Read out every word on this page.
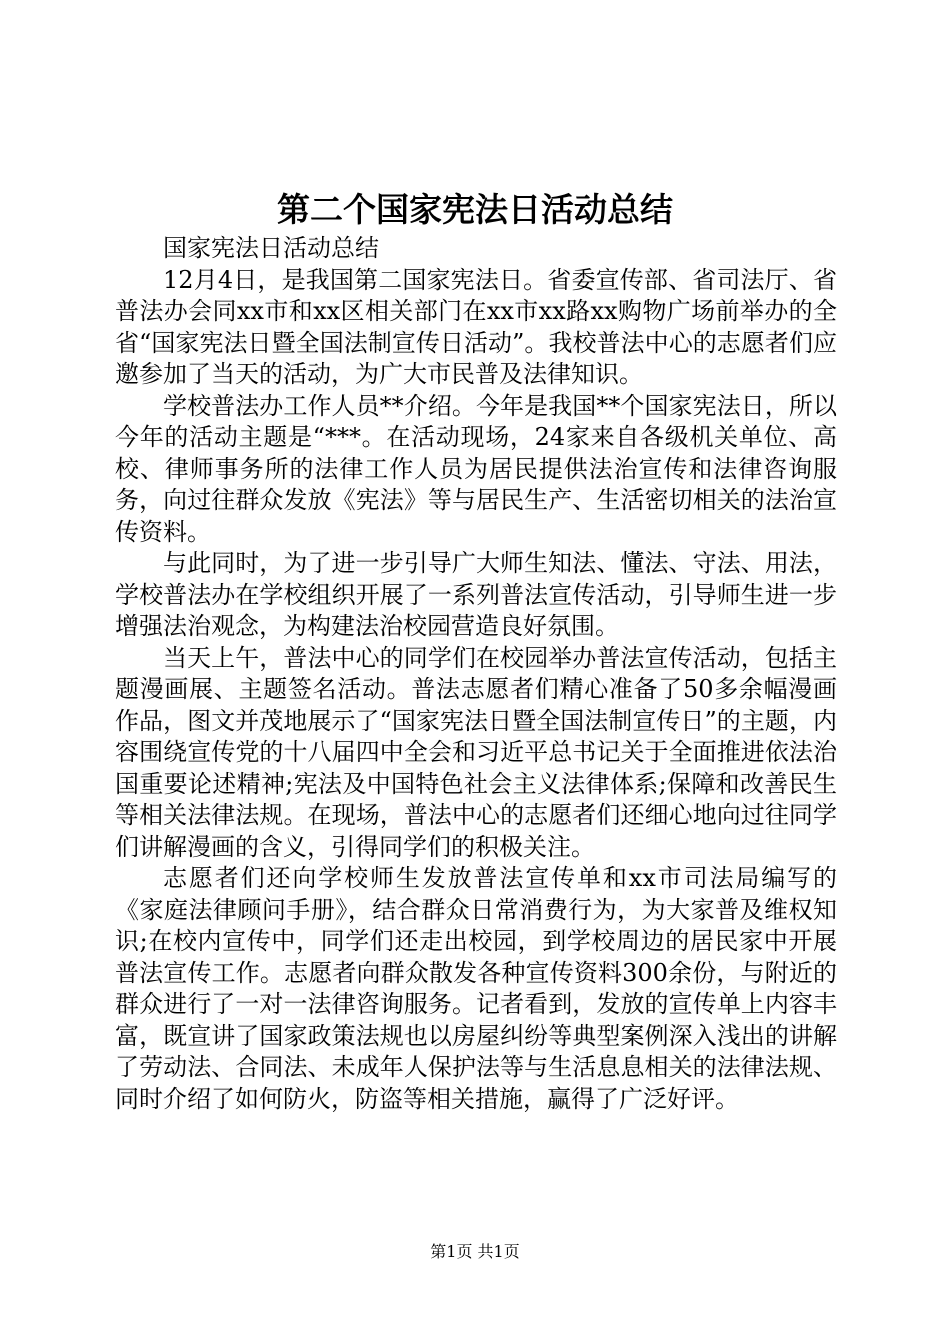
第二个国家宪法日活动总结

国家宪法日活动总结

12月4日，是我国第二国家宪法日。省委宣传部、省司法厅、省普法办会同xx市和xx区相关部门在xx市xx路xx购物广场前举办的全省“国家宪法日暨全国法制宣传日活动”。我校普法中心的志愿者们应邀参加了当天的活动，为广大市民普及法律知识。

学校普法办工作人员**介绍。今年是我国**个国家宪法日，所以今年的活动主题是“***。在活动现场，24家来自各级机关单位、高校、律师事务所的法律工作人员为居民提供法治宣传和法律咨询服务，向过往群众发放《宪法》等与居民生产、生活密切相关的法治宣传资料。

与此同时，为了进一步引导广大师生知法、懂法、守法、用法，学校普法办在学校组织开展了一系列普法宣传活动，引导师生进一步增强法治观念，为构建法治校园营造良好氛围。

当天上午，普法中心的同学们在校园举办普法宣传活动，包括主题漫画展、主题签名活动。普法志愿者们精心准备了50多余幅漫画作品，图文并茂地展示了“国家宪法日暨全国法制宣传日”的主题，内容围绕宣传党的十八届四中全会和习近平总书记关于全面推进依法治国重要论述精神;宪法及中国特色社会主义法律体系;保障和改善民生等相关法律法规。在现场，普法中心的志愿者们还细心地向过往同学们讲解漫画的含义，引得同学们的积极关注。

志愿者们还向学校师生发放普法宣传单和xx市司法局编写的《家庭法律顾问手册》，结合群众日常消费行为，为大家普及维权知识;在校内宣传中，同学们还走出校园，到学校周边的居民家中开展普法宣传工作。志愿者向群众散发各种宣传资料300余份，与附近的群众进行了一对一法律咨询服务。记者看到，发放的宣传单上内容丰富，既宣讲了国家政策法规也以房屋纠纷等典型案例深入浅出的讲解了劳动法、合同法、未成年人保护法等与生活息息相关的法律法规、同时介绍了如何防火，防盗等相关措施，赢得了广泛好评。

第1页 共1页
